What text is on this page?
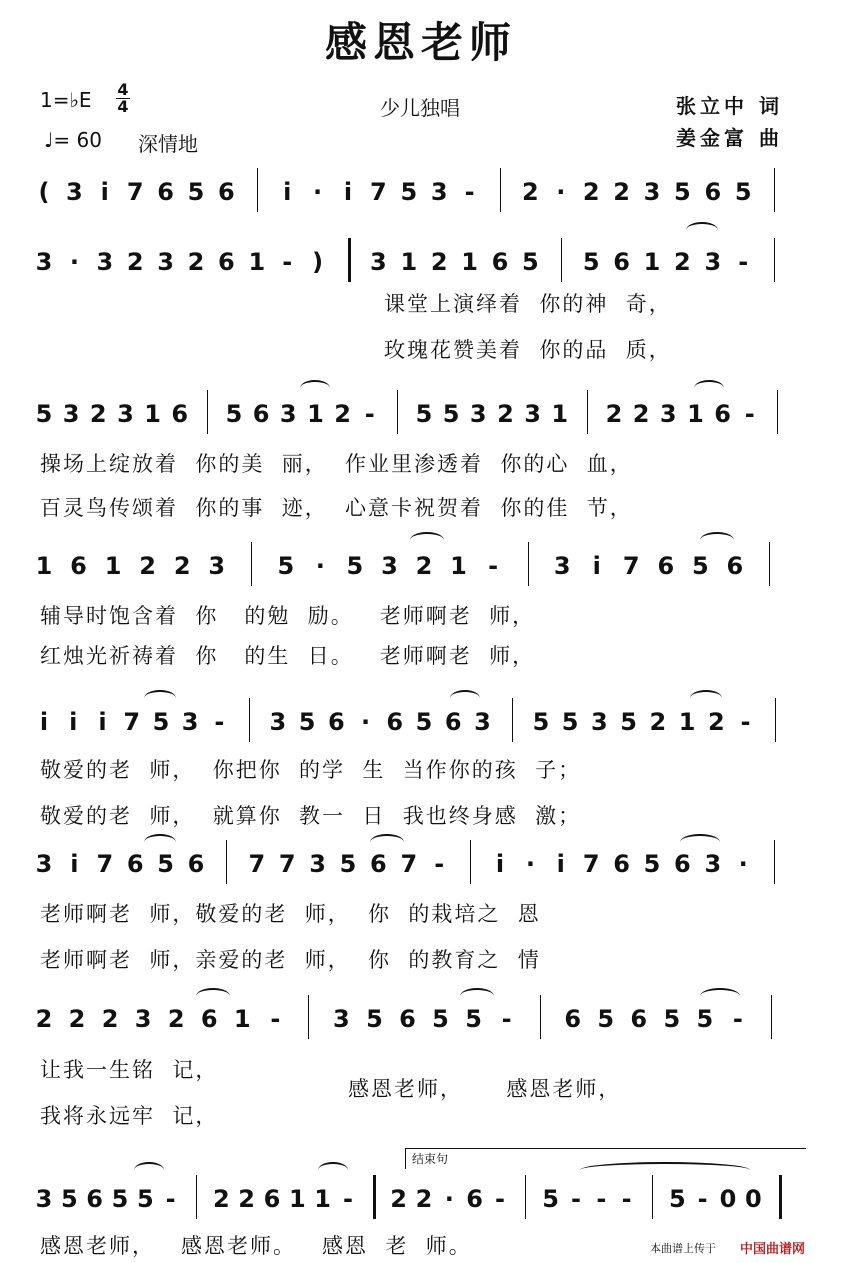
感恩老师
1=♭E 4
4
♩= 60 深情地
少儿独唱	张立中 词
姜金富 曲
( 3 i 7 6 5 6 i · i 7 5 3 - 2 · 2 2 3 5 6 5
3 · 3 2 3 2 6 1 - ) 3 1 2 1 6 5 5 6 1 2 3 -
5 3 2 3 1 6 5 6 3 1 2 - 5 5 3 2 3 1 2 2 3 1 6 -
1 6 1 2 2 3 5 · 5 3 2 1 - 3 i 7 6 5 6
i i i 7 5 3 - 3 5 6 · 6 5 6 3 5 5 3 5 2 1 2 -
3 i 7 6 5 6 7 7 3 5 6 7 - i · i 7 6 5 6 3 ·
2 2 2 3 2 6 1 - 3 5 6 5 5 - 6 5 6 5 5 -
3 5 6 5 5 - 2 2 6 1 1 - 2 2 · 6 - 5 - - - 5 - 0 0
结束句
本曲谱上传于 中国曲谱网
课堂上演绎着  你的神  奇，
玫瑰花赞美着  你的品  质，
操场上绽放着  你的美  丽，  作业里渗透着  你的心  血，
百灵鸟传颂着  你的事  迹，  心意卡祝贺着  你的佳  节，
辅导时饱含着  你   的勉  励。   老师啊老  师，
红烛光祈祷着  你   的生  日。   老师啊老  师，
敬爱的老  师，  你把你  的学  生  当作你的孩  子；
敬爱的老  师，  就算你  教一  日  我也终身感  激；
老师啊老  师，敬爱的老  师，  你  的栽培之  恩
老师啊老  师，亲爱的老  师，  你  的教育之  情
让我一生铭  记，
我将永远牢  记，
感恩老师，     感恩老师，
感恩老师，   感恩老师。   感恩  老  师。
